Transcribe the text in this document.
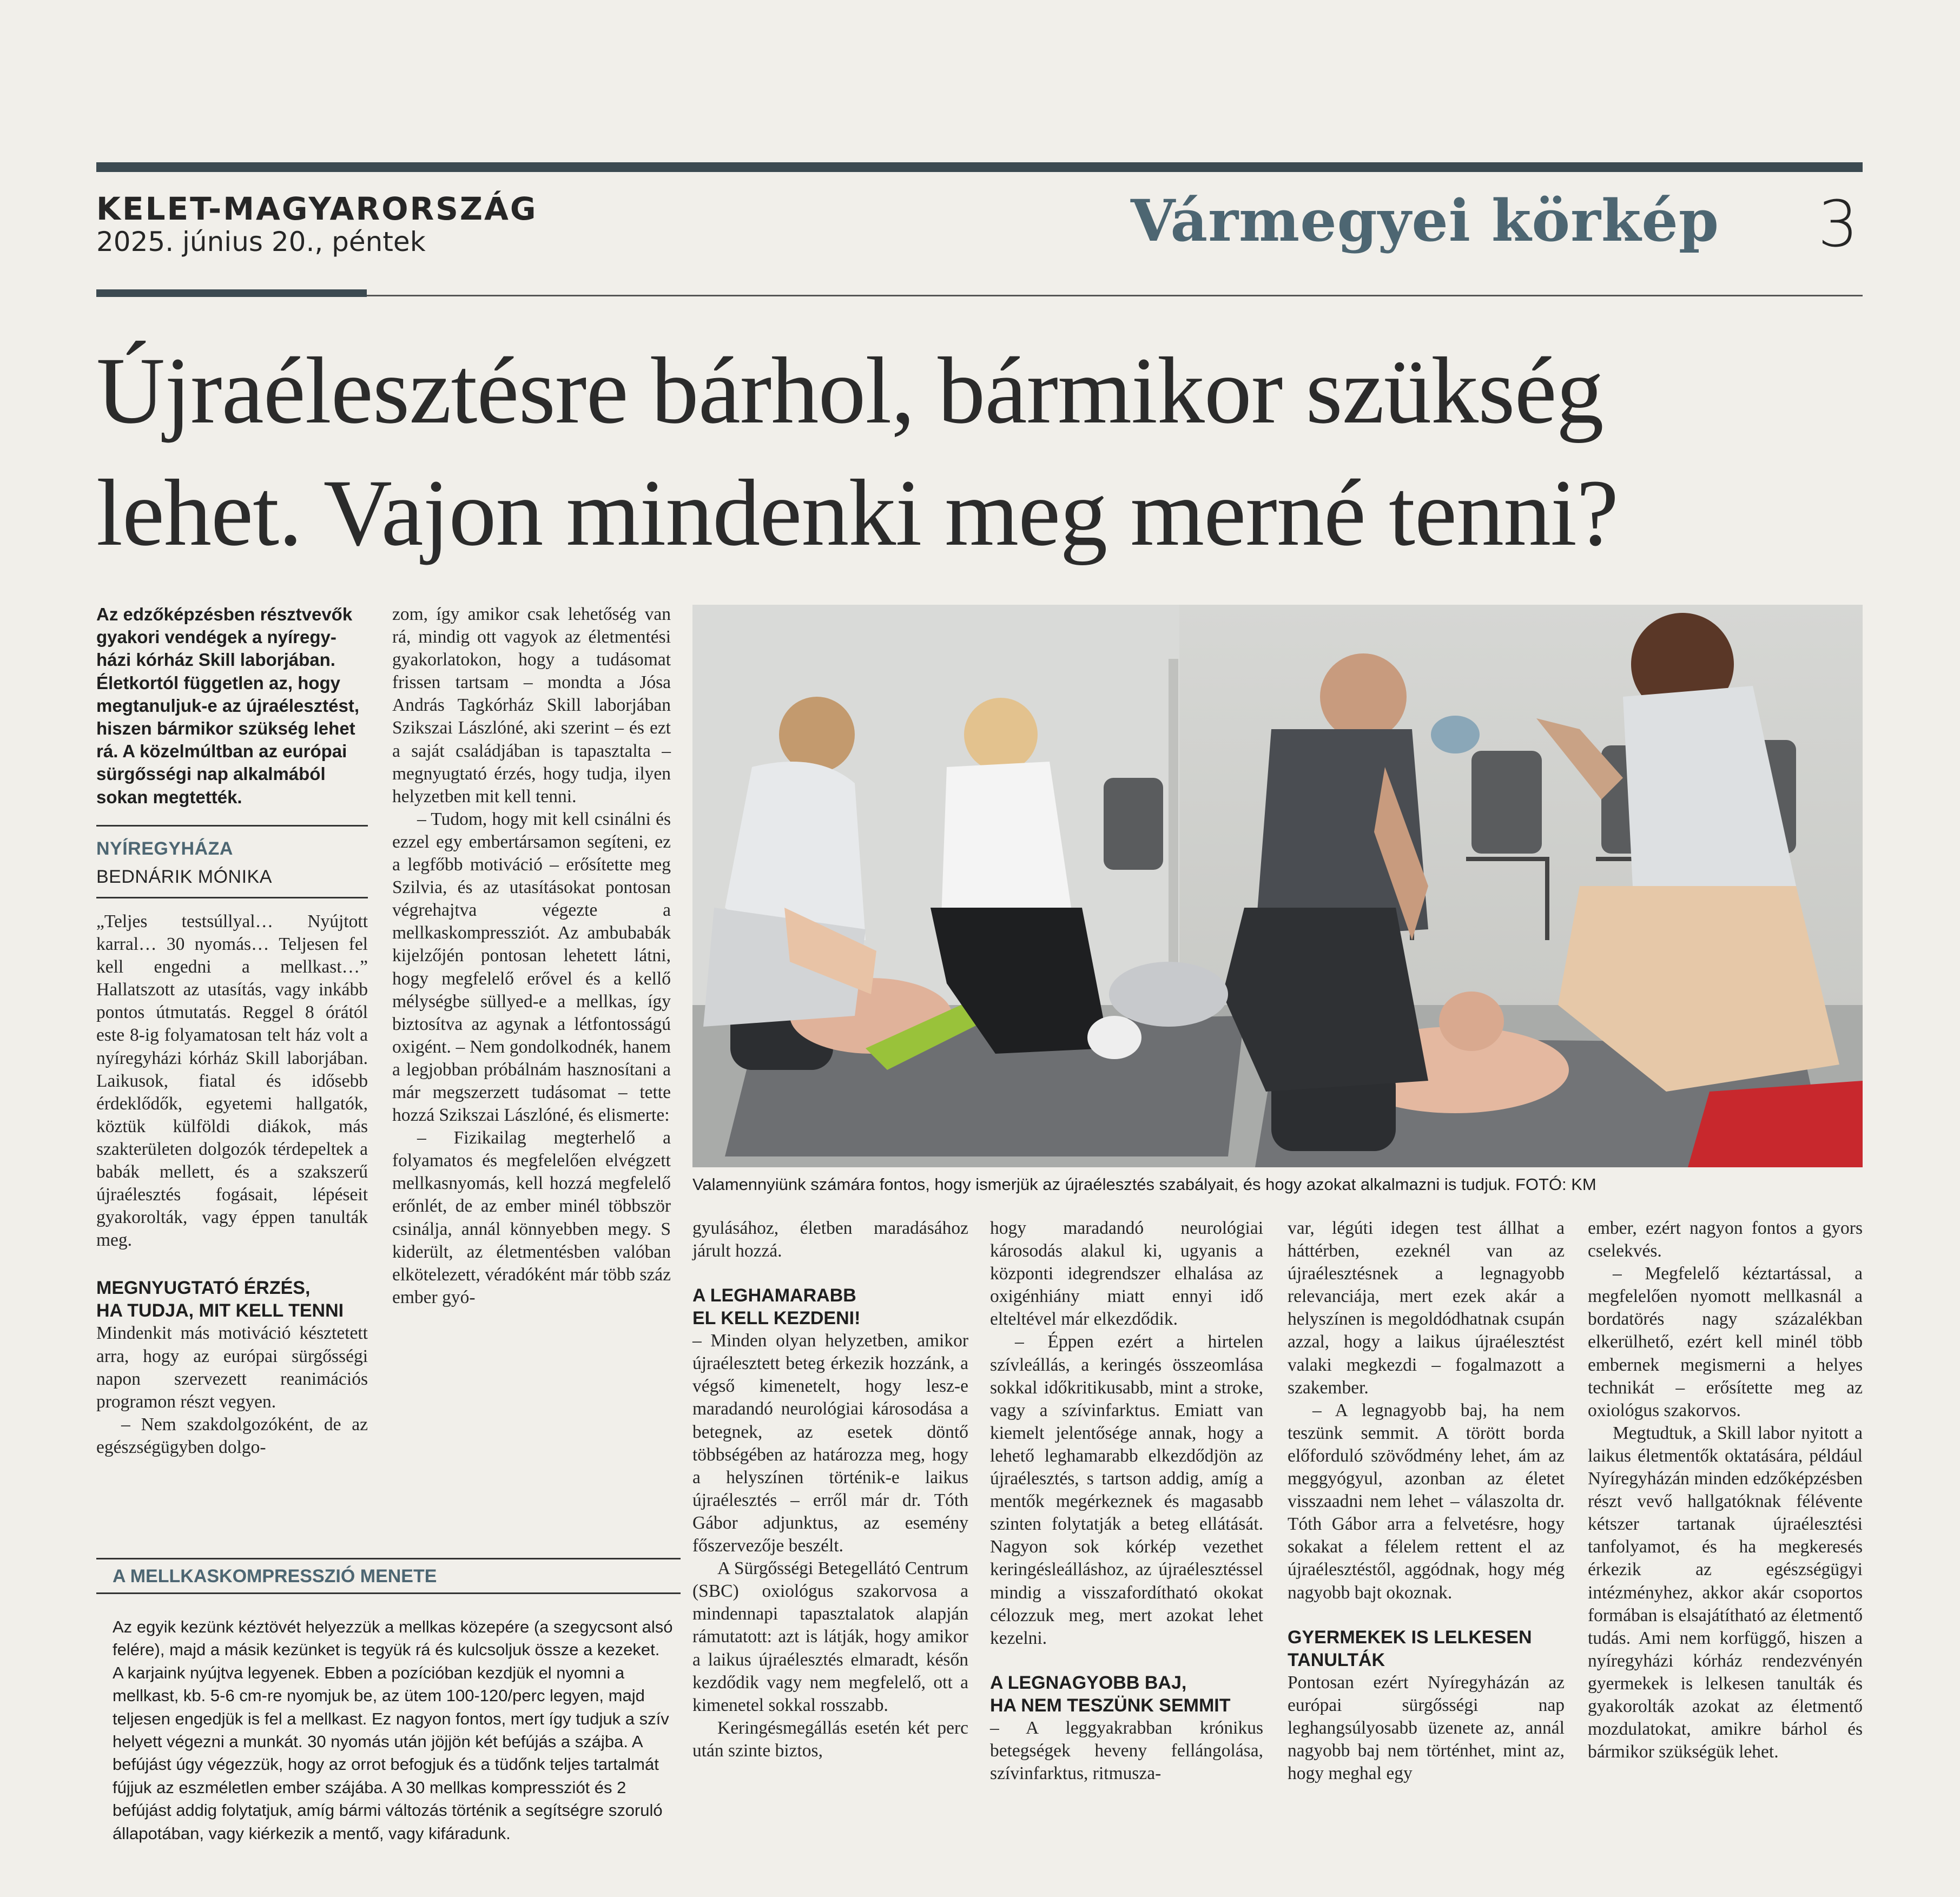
KELET-MAGYARORSZÁG
2025. június 20., péntek	Vármegyei körkép 3
Újraélesztésre bárhol, bármikor szükség
lehet. Vajon mindenki meg merné tenni?
Az edzőképzésben résztvevők
gyakori vendégek a nyíregy-
házi kórház Skill laborjában.
Életkortól független az, hogy
megtanuljuk-e az újraélesztést,
hiszen bármikor szükség lehet
rá. A közelmúltban az európai
sürgősségi nap alkalmából
sokan megtették.
NYÍREGYHÁZA
BEDNÁRIK MÓNIKA

„Teljes testsúllyal… Nyújtott karral… 30 nyomás… Teljesen fel kell engedni a mellkast…” Hallatszott az utasítás, vagy inkább pontos útmutatás. Reggel 8 órától este 8-ig folyamatosan telt ház volt a nyíregyházi kórház Skill laborjában. Laikusok, fiatal és idősebb érdeklődők, egyetemi hallgatók, köztük külföldi diákok, más szakterületen dolgozók térdepeltek a babák mellett, és a szakszerű újraélesztés fogásait, lépéseit gyakorolták, vagy éppen tanulták meg.

MEGNYUGTATÓ ÉRZÉS,
HA TUDJA, MIT KELL TENNI

Mindenkit más motiváció késztetett arra, hogy az európai sürgősségi napon szervezett reanimációs programon részt vegyen.

– Nem szakdolgozóként, de az egészségügyben dolgo-

zom, így amikor csak lehetőség van rá, mindig ott vagyok az életmentési gyakorlatokon, hogy a tudásomat frissen tartsam – mondta a Jósa András Tagkórház Skill laborjában Szikszai Lászlóné, aki szerint – és ezt a saját családjában is tapasztalta – megnyugtató érzés, hogy tudja, ilyen helyzetben mit kell tenni.

– Tudom, hogy mit kell csinálni és ezzel egy embertársamon segíteni, ez a legfőbb motiváció – erősítette meg Szilvia, és az utasításokat pontosan végrehajtva végezte a mellkaskompressziót. Az ambubabák kijelzőjén pontosan lehetett látni, hogy megfelelő erővel és a kellő mélységbe süllyed-e a mellkas, így biztosítva az agynak a létfontosságú oxigént. – Nem gondolkodnék, hanem a legjobban próbálnám hasznosítani a már megszerzett tudásomat – tette hozzá Szikszai Lászlóné, és elismerte:

– Fizikailag megterhelő a folyamatos és megfelelően elvégzett mellkasnyomás, kell hozzá megfelelő erőnlét, de az ember minél többször csinálja, annál könnyebben megy. S kiderült, az életmentésben valóban elkötelezett, véradóként már több száz ember gyó-

Valamennyiünk számára fontos, hogy ismerjük az újraélesztés szabályait, és hogy azokat alkalmazni is tudjuk. FOTÓ: KM

gyulásához, életben maradásához járult hozzá.

A LEGHAMARABB
EL KELL KEZDENI!

– Minden olyan helyzetben, amikor újraélesztett beteg érkezik hozzánk, a végső kimenetelt, hogy lesz-e maradandó neurológiai károsodása a betegnek, az esetek döntő többségében az határozza meg, hogy a helyszínen történik-e laikus újraélesztés – erről már dr. Tóth Gábor adjunktus, az esemény főszervezője beszélt.

A Sürgősségi Betegellátó Centrum (SBC) oxiológus szakorvosa a mindennapi tapasztalatok alapján rámutatott: azt is látják, hogy amikor a laikus újraélesztés elmaradt, későn kezdődik vagy nem megfelelő, ott a kimenetel sokkal rosszabb.

Keringésmegállás esetén két perc után szinte biztos,

hogy maradandó neurológiai károsodás alakul ki, ugyanis a központi idegrendszer elhalása az oxigénhiány miatt ennyi idő elteltével már elkezdődik.

– Éppen ezért a hirtelen szívleállás, a keringés összeomlása sokkal időkritikusabb, mint a stroke, vagy a szívinfarktus. Emiatt van kiemelt jelentősége annak, hogy a lehető leghamarabb elkezdődjön az újraélesztés, s tartson addig, amíg a mentők megérkeznek és magasabb szinten folytatják a beteg ellátását. Nagyon sok kórkép vezethet keringésleálláshoz, az újraélesztéssel mindig a visszafordítható okokat célozzuk meg, mert azokat lehet kezelni.

A LEGNAGYOBB BAJ,
HA NEM TESZÜNK SEMMIT

– A leggyakrabban krónikus betegségek heveny fellángolása, szívinfarktus, ritmusza-

var, légúti idegen test állhat a háttérben, ezeknél van az újraélesztésnek a legnagyobb relevanciája, mert ezek akár a helyszínen is megoldódhatnak csupán azzal, hogy a laikus újraélesztést valaki megkezdi – fogalmazott a szakember.

– A legnagyobb baj, ha nem teszünk semmit. A törött borda előforduló szövődmény lehet, ám az meggyógyul, azonban az életet visszaadni nem lehet – válaszolta dr. Tóth Gábor arra a felvetésre, hogy sokakat a félelem rettent el az újraélesztéstől, aggódnak, hogy még nagyobb bajt okoznak.

GYERMEKEK IS LELKESEN
TANULTÁK

Pontosan ezért Nyíregyházán az európai sürgősségi nap leghangsúlyosabb üzenete az, annál nagyobb baj nem történhet, mint az, hogy meghal egy

ember, ezért nagyon fontos a gyors cselekvés.

– Megfelelő kéztartással, a megfelelően nyomott mellkasnál a bordatörés nagy százalékban elkerülhető, ezért kell minél több embernek megismerni a helyes technikát – erősítette meg az oxiológus szakorvos.

Megtudtuk, a Skill labor nyitott a laikus életmentők oktatására, például Nyíregyházán minden edzőképzésben részt vevő hallgatóknak félévente kétszer tartanak újraélesztési tanfolyamot, és ha megkeresés érkezik az egészségügyi intézményhez, akkor akár csoportos formában is elsajátítható az életmentő tudás. Ami nem korfüggő, hiszen a nyíregyházi kórház rendezvényén gyermekek is lelkesen tanulták és gyakorolták azokat az életmentő mozdulatokat, amikre bárhol és bármikor szükségük lehet.

A MELLKASKOMPRESSZIÓ MENETE
Az egyik kezünk kéztövét helyezzük a mellkas közepére (a szegycsont alsó
felére), majd a másik kezünket is tegyük rá és kulcsoljuk össze a kezeket.
A karjaink nyújtva legyenek. Ebben a pozícióban kezdjük el nyomni a
mellkast, kb. 5-6 cm-re nyomjuk be, az ütem 100-120/perc legyen, majd
teljesen engedjük is fel a mellkast. Ez nagyon fontos, mert így tudjuk a szív
helyett végezni a munkát. 30 nyomás után jöjjön két befújás a szájba. A
befújást úgy végezzük, hogy az orrot befogjuk és a tüdőnk teljes tartalmát
fújjuk az eszméletlen ember szájába. A 30 mellkas kompressziót és 2
befújást addig folytatjuk, amíg bármi változás történik a segítségre szoruló
állapotában, vagy kiérkezik a mentő, vagy kifáradunk.
